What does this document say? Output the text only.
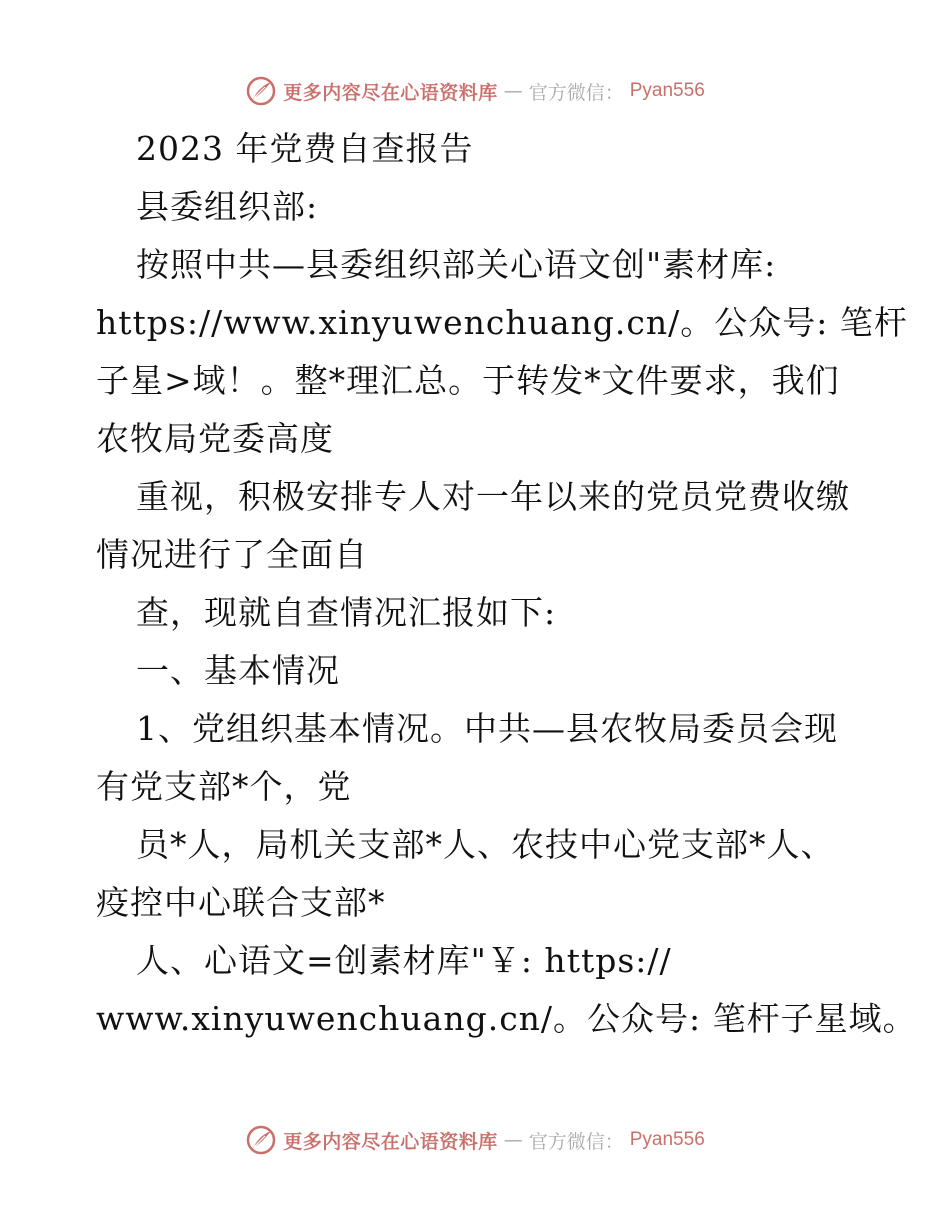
更多内容尽在心语资料库 — 官方微信： Pyan556
2023 年党费自查报告
县委组织部:
按照中共—县委组织部关心语文创"素材库:
https://www.xinyuwenchuang.cn/。公众号: 笔杆
子星>域！。整*理汇总。于转发*文件要求，我们
农牧局党委高度
重视，积极安排专人对一年以来的党员党费收缴
情况进行了全面自
查，现就自查情况汇报如下:
一、基本情况
1、党组织基本情况。中共—县农牧局委员会现
有党支部*个，党
员*人，局机关支部*人、农技中心党支部*人、
疫控中心联合支部*
人、心语文=创素材库"￥: https://
www.xinyuwenchuang.cn/。公众号: 笔杆子星域。
更多内容尽在心语资料库 — 官方微信： Pyan556
